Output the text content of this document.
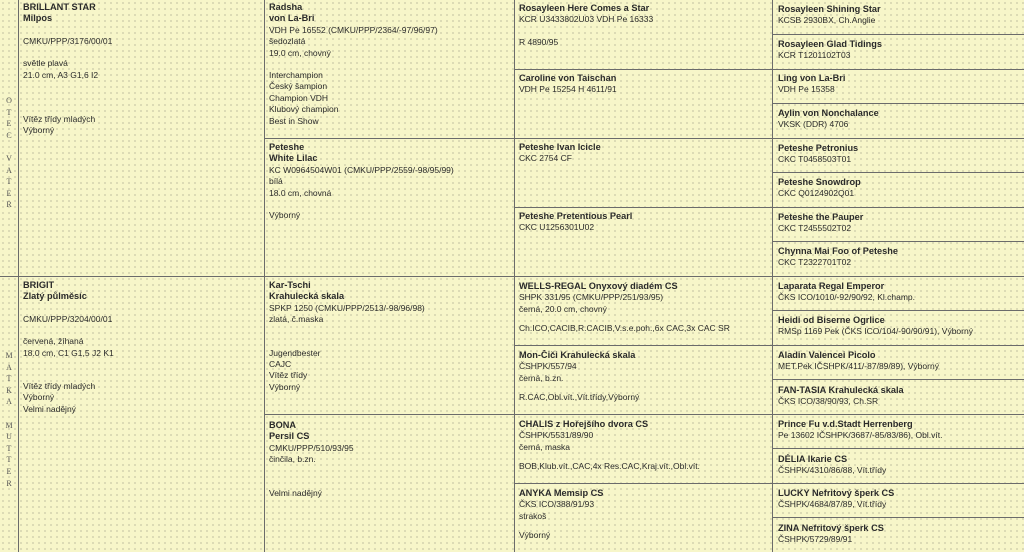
O
T
E
C

V
A
T
E
R
M
A
T
K
A

M
U
T
T
E
R
BRILLANT STAR
Milpos
CMKU/PPP/3176/00/01
světle plavá
21.0 cm, A3 G1,6 I2
Vítěz třídy mladých
Výborný
BRIGIT
Zlatý půlměsíc
CMKU/PPP/3204/00/01
červená, žíhaná
18.0 cm, C1 G1,5 J2 K1
Vítěz třídy mladých
Výborný
Velmi nadějný
Radsha
von La-Bri
VDH Pe 16552 (CMKU/PPP/2364/-97/96/97)
šedozlatá
19.0 cm, chovný
Interchampion
Český šampion
Champion VDH
Klubový champion
Best in Show
Peteshe
White Lilac
KC W0964504W01 (CMKU/PPP/2559/-98/95/99)
bílá
18.0 cm, chovná
Výborný
Kar-Tschi
Krahulecká skala
SPKP 1250 (CMKU/PPP/2513/-98/96/98)
zlatá, č.maska
Jugendbester
CAJC
Vítěz třídy
Výborný
BONA
Persil CS
CMKU/PPP/510/93/95
činčila, b.zn.
Velmi nadějný
Rosayleen Here Comes a Star
KCR U3433802U03 VDH Pe 16333
R 4890/95
Caroline von Taischan
VDH Pe 15254 H 4611/91
Peteshe Ivan Icicle
CKC 2754 CF
Peteshe Pretentious Pearl
CKC U1256301U02
WELLS-REGAL Onyxový diadém CS
SHPK 331/95 (CMKU/PPP/251/93/95)
černá, 20.0 cm, chovný
Ch.ICO,CACIB,R.CACIB,V.s.e.poh.,6x CAC,3x CAC SR
Mon-Čiči Krahulecká skala
ČSHPK/557/94
černá, b.zn.
R.CAC,Obl.vít.,Vít.třídy,Výborný
CHALIS z Hořejšího dvora CS
ČSHPK/5531/89/90
černá, maska
BOB,Klub.vít.,CAC,4x Res.CAC,Kraj.vít.,Obl.vít.
ANYKA Memsip CS
ČKS ICO/388/91/93
strakoš
Výborný
Rosayleen Shining Star
KCSB 2930BX, Ch.Anglie
Rosayleen Glad Tidings
KCR T1201102T03
Ling von La-Bri
VDH Pe 15358
Aylin von Nonchalance
VKSK (DDR) 4706
Peteshe Petronius
CKC T0458503T01
Peteshe Snowdrop
CKC Q0124902Q01
Peteshe the Pauper
CKC T2455502T02
Chynna Mai Foo of Peteshe
CKC T2322701T02
Laparata Regal Emperor
ČKS ICO/1010/-92/90/92, Kl.champ.
Heidi od Biserne Ogrlice
RMSp 1169 Pek (ČKS ICO/104/-90/90/91), Výborný
Aladin Valencei Picolo
MET.Pek IČSHPK/411/-87/89/89), Výborný
FAN-TASIA Krahulecká skala
ČKS ICO/38/90/93, Ch.SR
Prince Fu v.d.Stadt Herrenberg
Pe 13602 IČSHPK/3687/-85/83/86), Obl.vít.
DÉLIA Ikarie CS
ČSHPK/4310/86/88, Vít.třídy
LUCKY Nefritový šperk CS
ČSHPK/4684/87/89, Vít.třídy
ZINA Nefritový šperk CS
ČSHPK/5729/89/91
